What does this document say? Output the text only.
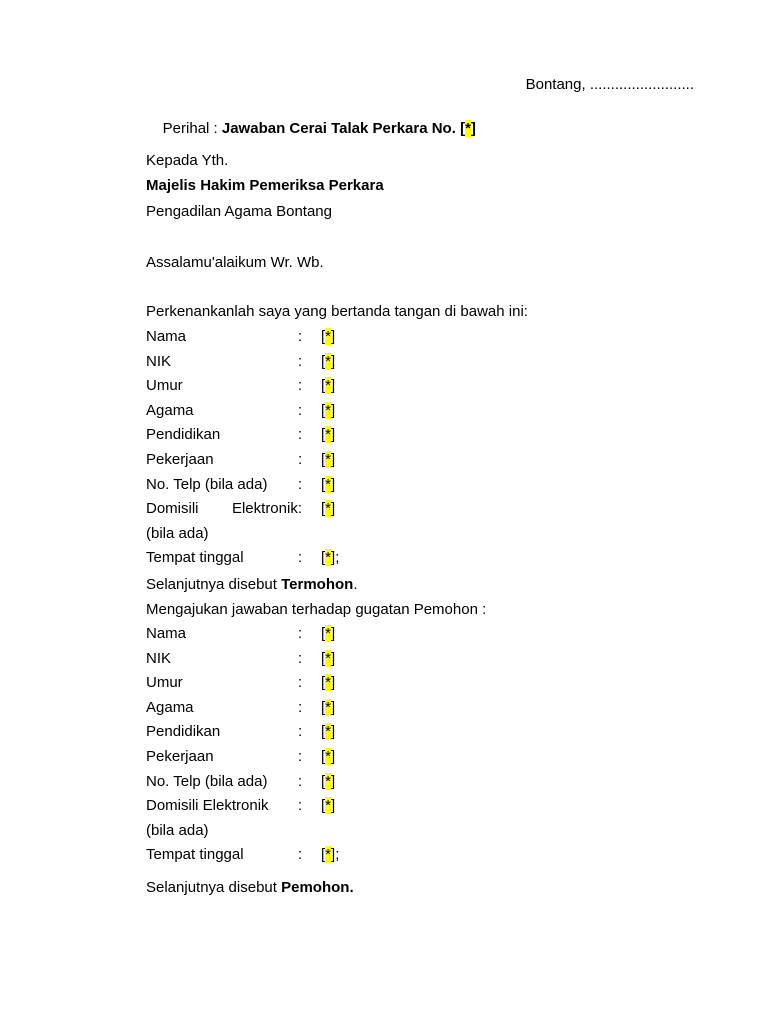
Bontang, .........................

Perihal : Jawaban Cerai Talak Perkara No. [*]

Kepada Yth.
Majelis Hakim Pemeriksa Perkara
Pengadilan Agama Bontang
Assalamu'alaikum Wr. Wb.
Perkenankanlah saya yang bertanda tangan di bawah ini:
Nama	: [*]
NIK	: [*]
Umur	: [*]
Agama	: [*]
Pendidikan	: [*]
Pekerjaan	: [*]
No. Telp (bila ada) : [*]
Domisili Elektronik: [*]
(bila ada)
Tempat tinggal	: [*];
Selanjutnya disebut Termohon.
Mengajukan jawaban terhadap gugatan Pemohon :
Nama	: [*]
NIK	: [*]
Umur	: [*]
Agama	: [*]
Pendidikan	: [*]
Pekerjaan	: [*]
No. Telp (bila ada) : [*]
Domisili Elektronik : [*]
(bila ada)
Tempat tinggal	: [*];
Selanjutnya disebut Pemohon.
